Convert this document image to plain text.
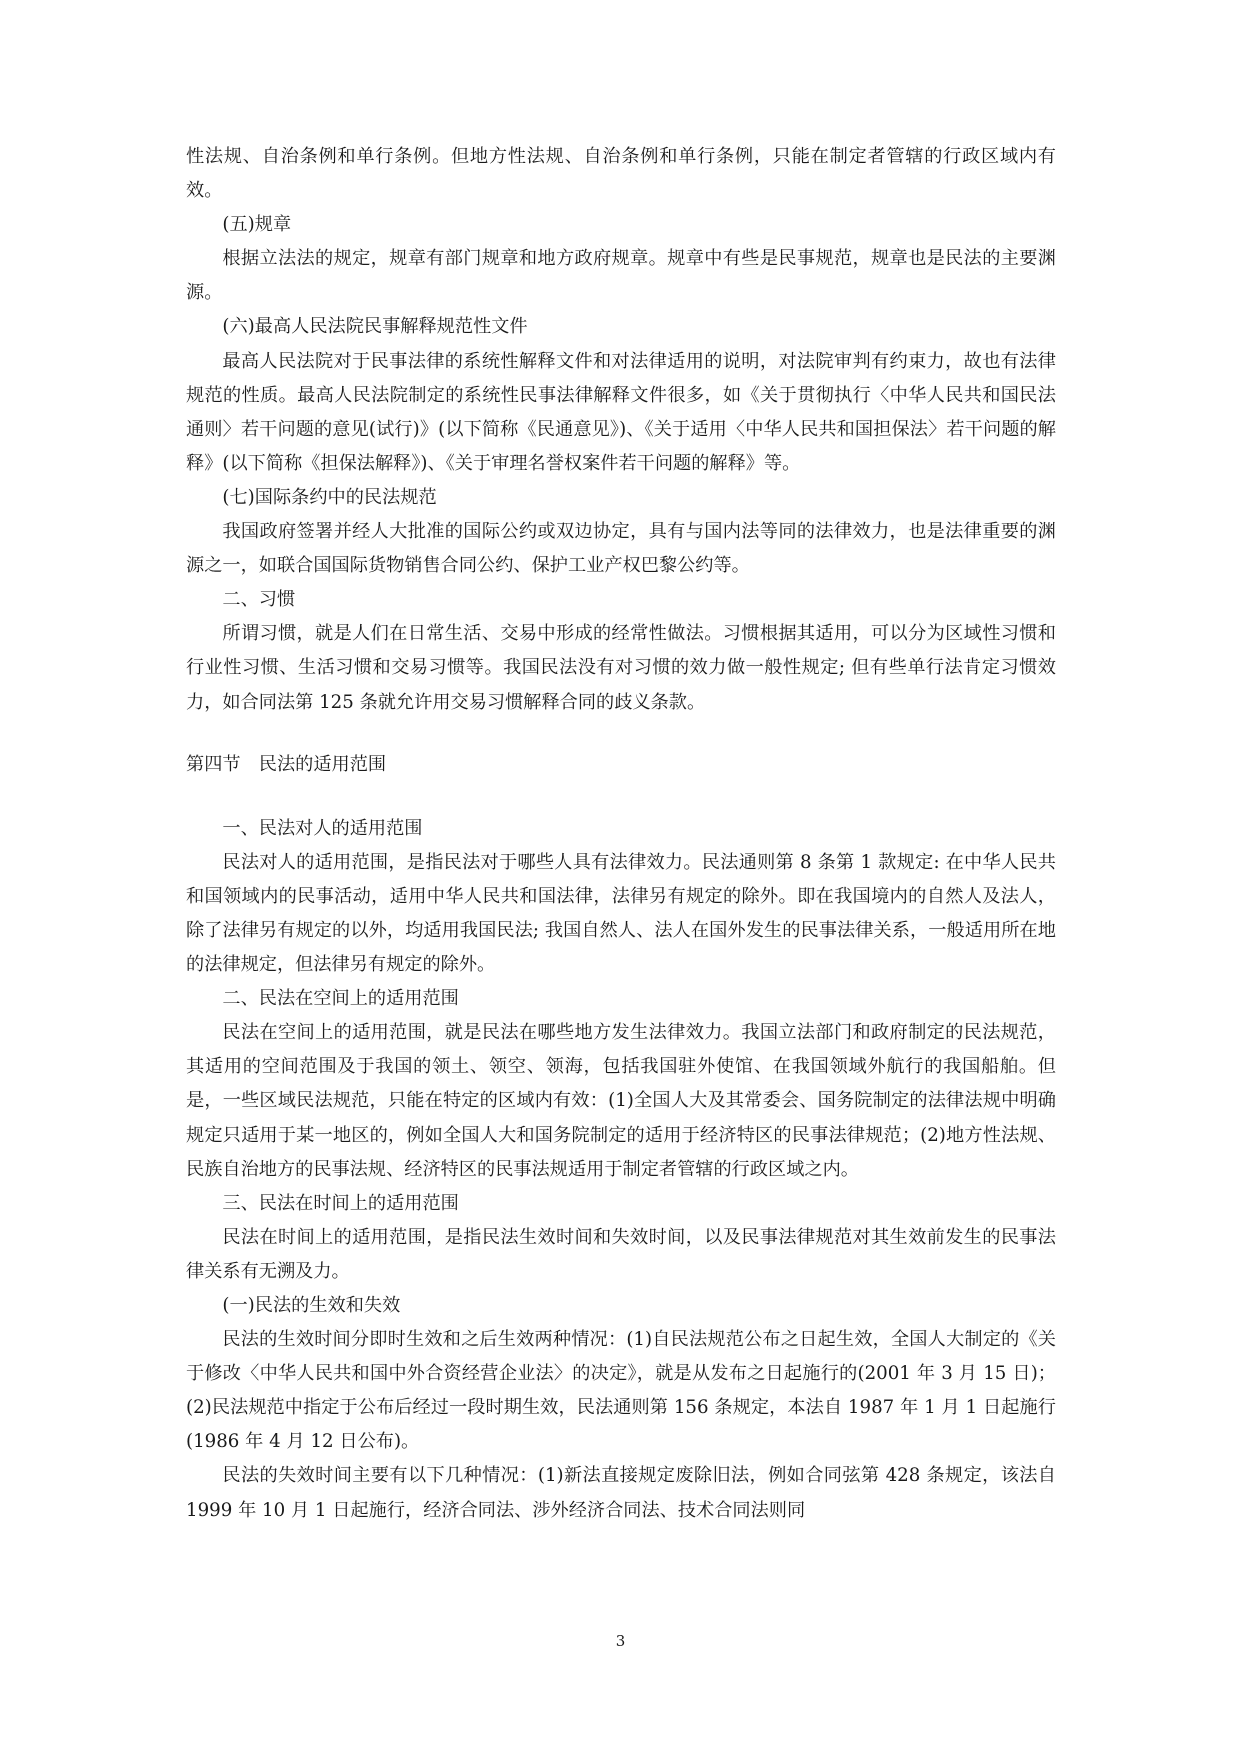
性法规、自治条例和单行条例。但地方性法规、自治条例和单行条例，只能在制定者管辖的行政区域内有效。

(五)规章

根据立法法的规定，规章有部门规章和地方政府规章。规章中有些是民事规范，规章也是民法的主要渊源。

(六)最高人民法院民事解释规范性文件

最高人民法院对于民事法律的系统性解释文件和对法律适用的说明，对法院审判有约束力，故也有法律规范的性质。最高人民法院制定的系统性民事法律解释文件很多，如《关于贯彻执行〈中华人民共和国民法通则〉若干问题的意见(试行)》(以下简称《民通意见》)、《关于适用〈中华人民共和国担保法〉若干问题的解释》(以下简称《担保法解释》)、《关于审理名誉权案件若干问题的解释》等。

(七)国际条约中的民法规范

我国政府签署并经人大批准的国际公约或双边协定，具有与国内法等同的法律效力，也是法律重要的渊源之一，如联合国国际货物销售合同公约、保护工业产权巴黎公约等。

二、习惯

所谓习惯，就是人们在日常生活、交易中形成的经常性做法。习惯根据其适用，可以分为区域性习惯和行业性习惯、生活习惯和交易习惯等。我国民法没有对习惯的效力做一般性规定; 但有些单行法肯定习惯效力，如合同法第 125 条就允许用交易习惯解释合同的歧义条款。

第四节　民法的适用范围

一、民法对人的适用范围

民法对人的适用范围，是指民法对于哪些人具有法律效力。民法通则第 8 条第 1 款规定: 在中华人民共和国领域内的民事活动，适用中华人民共和国法律，法律另有规定的除外。即在我国境内的自然人及法人，除了法律另有规定的以外，均适用我国民法; 我国自然人、法人在国外发生的民事法律关系，一般适用所在地的法律规定，但法律另有规定的除外。

二、民法在空间上的适用范围

民法在空间上的适用范围，就是民法在哪些地方发生法律效力。我国立法部门和政府制定的民法规范，其适用的空间范围及于我国的领土、领空、领海，包括我国驻外使馆、在我国领域外航行的我国船舶。但是，一些区域民法规范，只能在特定的区域内有效：(1)全国人大及其常委会、国务院制定的法律法规中明确规定只适用于某一地区的，例如全国人大和国务院制定的适用于经济特区的民事法律规范；(2)地方性法规、民族自治地方的民事法规、经济特区的民事法规适用于制定者管辖的行政区域之内。

三、民法在时间上的适用范围

民法在时间上的适用范围，是指民法生效时间和失效时间，以及民事法律规范对其生效前发生的民事法律关系有无溯及力。

(一)民法的生效和失效

民法的生效时间分即时生效和之后生效两种情况：(1)自民法规范公布之日起生效，全国人大制定的《关于修改〈中华人民共和国中外合资经营企业法〉的决定》，就是从发布之日起施行的(2001 年 3 月 15 日)；(2)民法规范中指定于公布后经过一段时期生效，民法通则第 156 条规定，本法自 1987 年 1 月 1 日起施行(1986 年 4 月 12 日公布)。

民法的失效时间主要有以下几种情况：(1)新法直接规定废除旧法，例如合同弦第 428 条规定，该法自 1999 年 10 月 1 日起施行，经济合同法、涉外经济合同法、技术合同法则同

3
